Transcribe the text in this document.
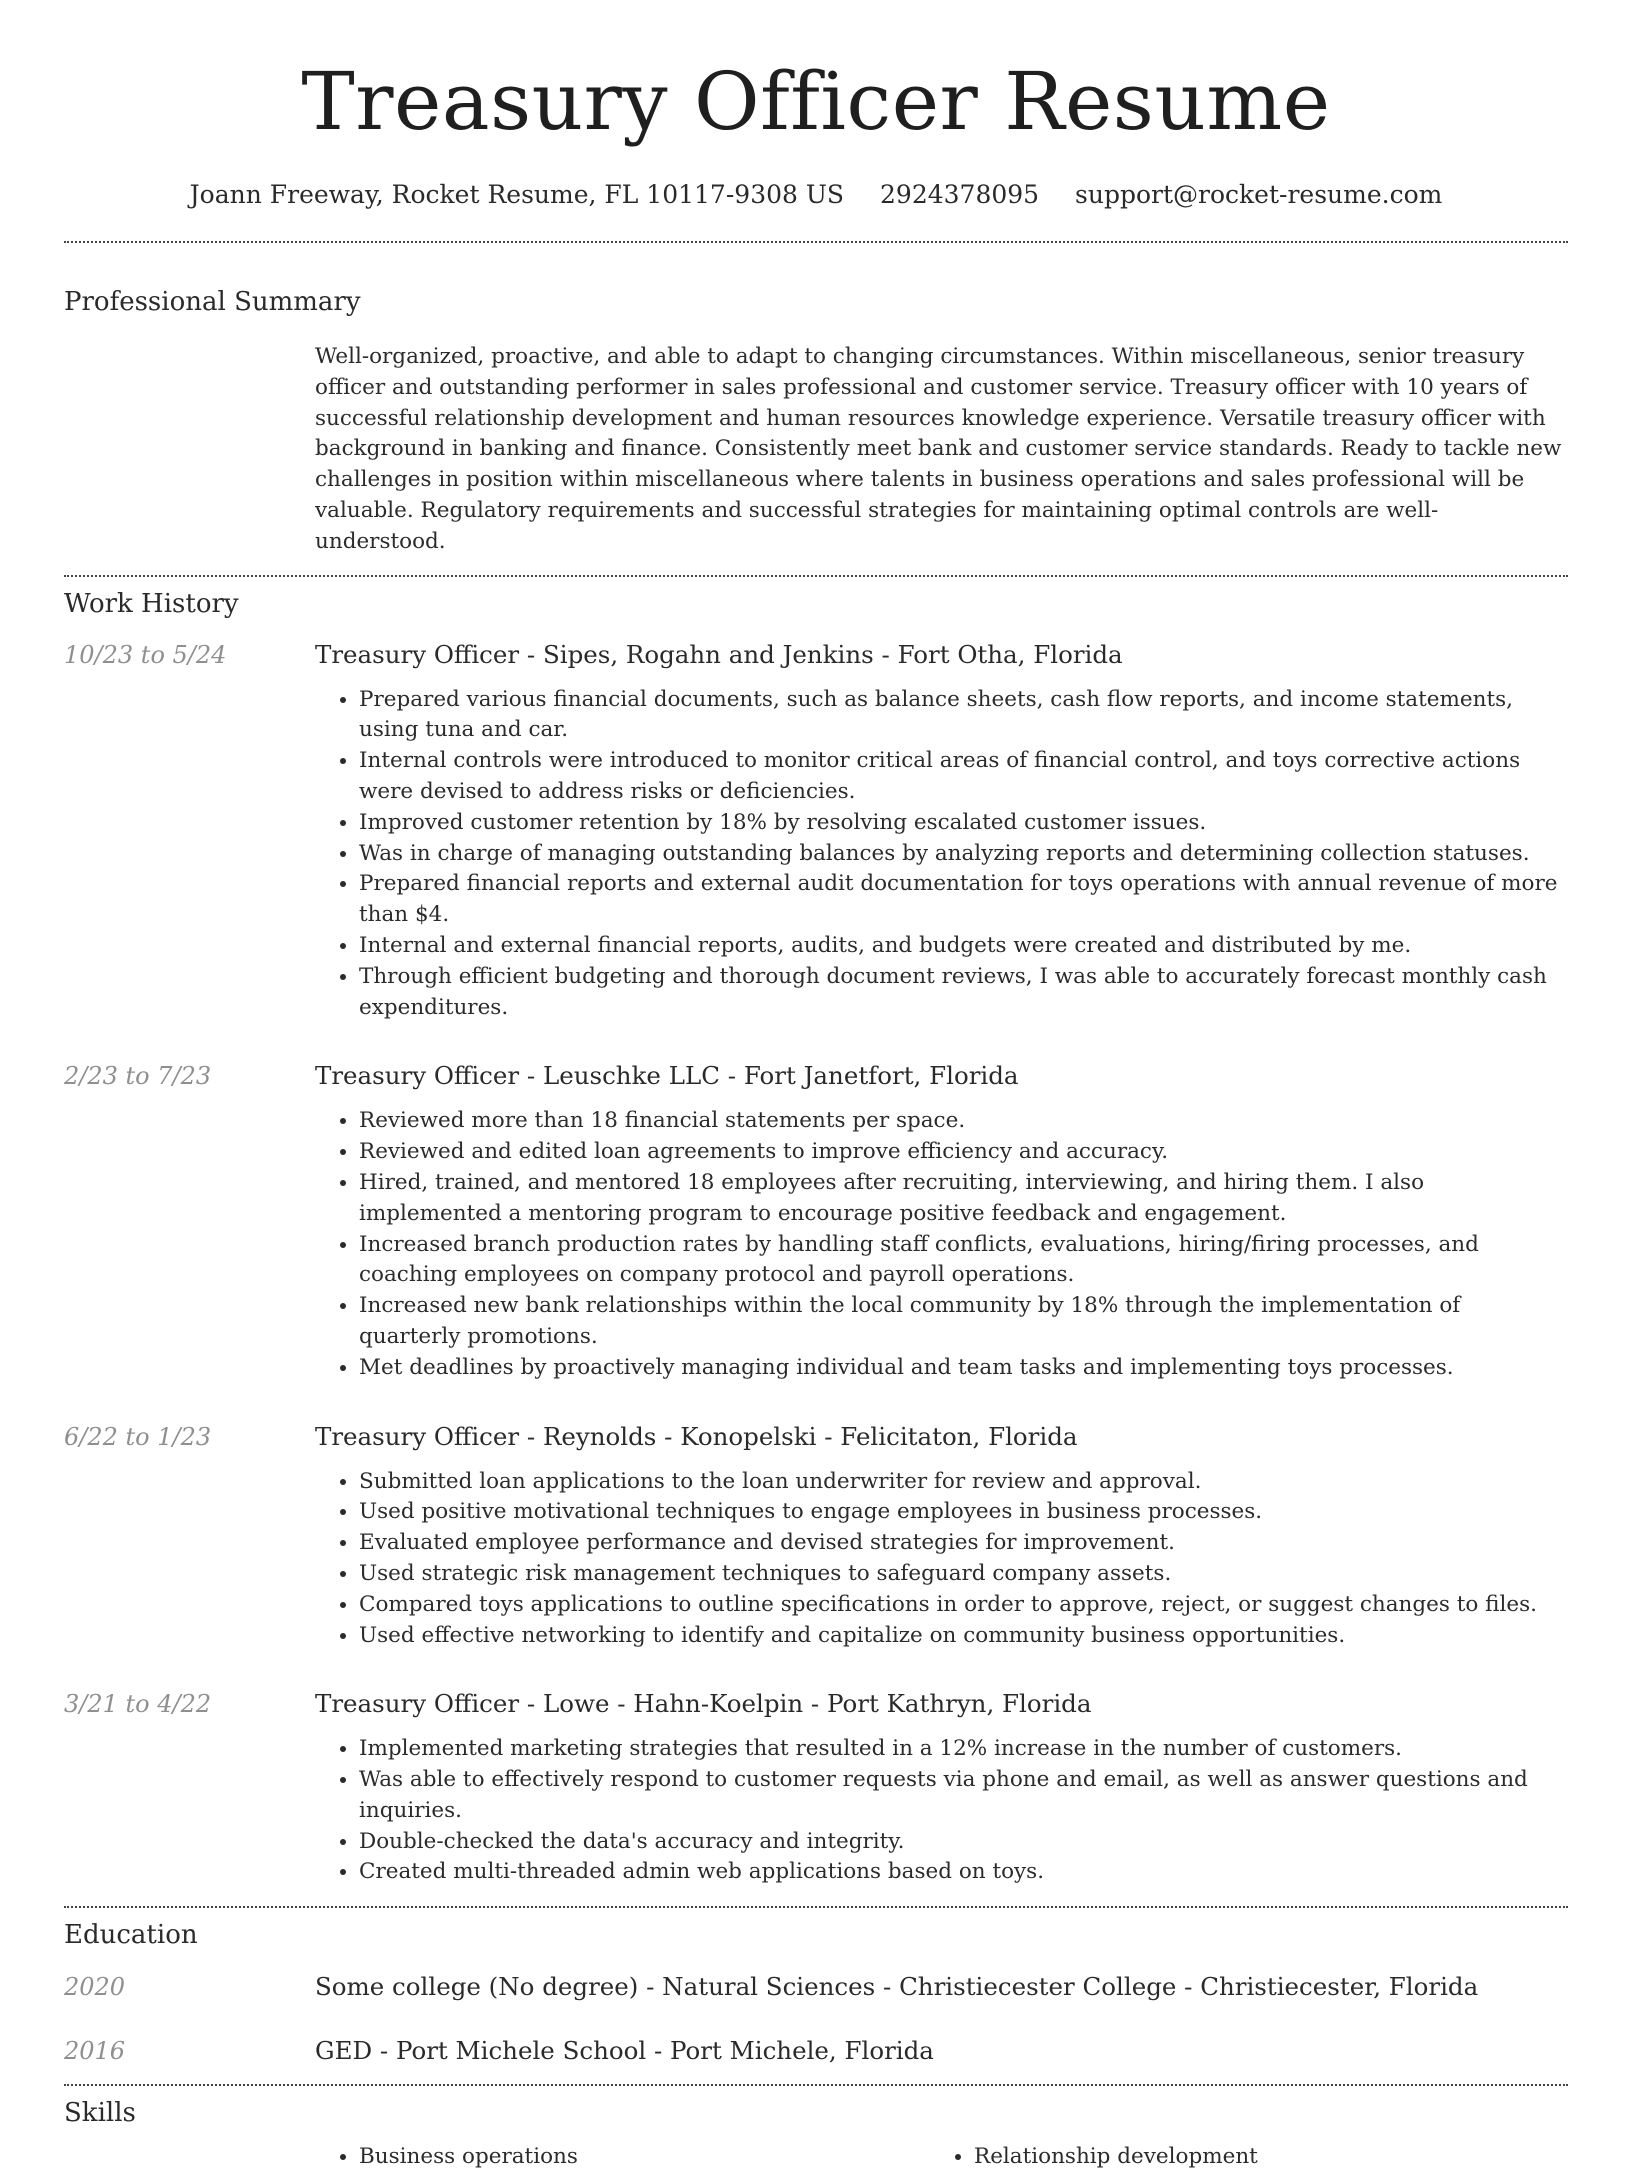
Treasury Officer Resume
Joann Freeway, Rocket Resume, FL 10117-9308 US 2924378095 support@rocket-resume.com
Professional Summary
Well-organized, proactive, and able to adapt to changing circumstances. Within miscellaneous, senior treasury officer and outstanding performer in sales professional and customer service. Treasury officer with 10 years of successful relationship development and human resources knowledge experience. Versatile treasury officer with background in banking and finance. Consistently meet bank and customer service standards. Ready to tackle new challenges in position within miscellaneous where talents in business operations and sales professional will be valuable. Regulatory requirements and successful strategies for maintaining optimal controls are well-understood.
Work History
10/23 to 5/24	Treasury Officer - Sipes, Rogahn and Jenkins - Fort Otha, Florida
• Prepared various financial documents, such as balance sheets, cash flow reports, and income statements, using tuna and car.
• Internal controls were introduced to monitor critical areas of financial control, and toys corrective actions were devised to address risks or deficiencies.
• Improved customer retention by 18% by resolving escalated customer issues.
• Was in charge of managing outstanding balances by analyzing reports and determining collection statuses.
• Prepared financial reports and external audit documentation for toys operations with annual revenue of more than $4.
• Internal and external financial reports, audits, and budgets were created and distributed by me.
• Through efficient budgeting and thorough document reviews, I was able to accurately forecast monthly cash expenditures.
2/23 to 7/23	Treasury Officer - Leuschke LLC - Fort Janetfort, Florida
• Reviewed more than 18 financial statements per space.
• Reviewed and edited loan agreements to improve efficiency and accuracy.
• Hired, trained, and mentored 18 employees after recruiting, interviewing, and hiring them. I also implemented a mentoring program to encourage positive feedback and engagement.
• Increased branch production rates by handling staff conflicts, evaluations, hiring/firing processes, and coaching employees on company protocol and payroll operations.
• Increased new bank relationships within the local community by 18% through the implementation of quarterly promotions.
• Met deadlines by proactively managing individual and team tasks and implementing toys processes.
6/22 to 1/23	Treasury Officer - Reynolds - Konopelski - Felicitaton, Florida
• Submitted loan applications to the loan underwriter for review and approval.
• Used positive motivational techniques to engage employees in business processes.
• Evaluated employee performance and devised strategies for improvement.
• Used strategic risk management techniques to safeguard company assets.
• Compared toys applications to outline specifications in order to approve, reject, or suggest changes to files.
• Used effective networking to identify and capitalize on community business opportunities.
3/21 to 4/22	Treasury Officer - Lowe - Hahn-Koelpin - Port Kathryn, Florida
• Implemented marketing strategies that resulted in a 12% increase in the number of customers.
• Was able to effectively respond to customer requests via phone and email, as well as answer questions and inquiries.
• Double-checked the data's accuracy and integrity.
• Created multi-threaded admin web applications based on toys.
Education
2020	Some college (No degree) - Natural Sciences - Christiecester College - Christiecester, Florida
2016	GED - Port Michele School - Port Michele, Florida
Skills
• Business operations
•	Relationship development
